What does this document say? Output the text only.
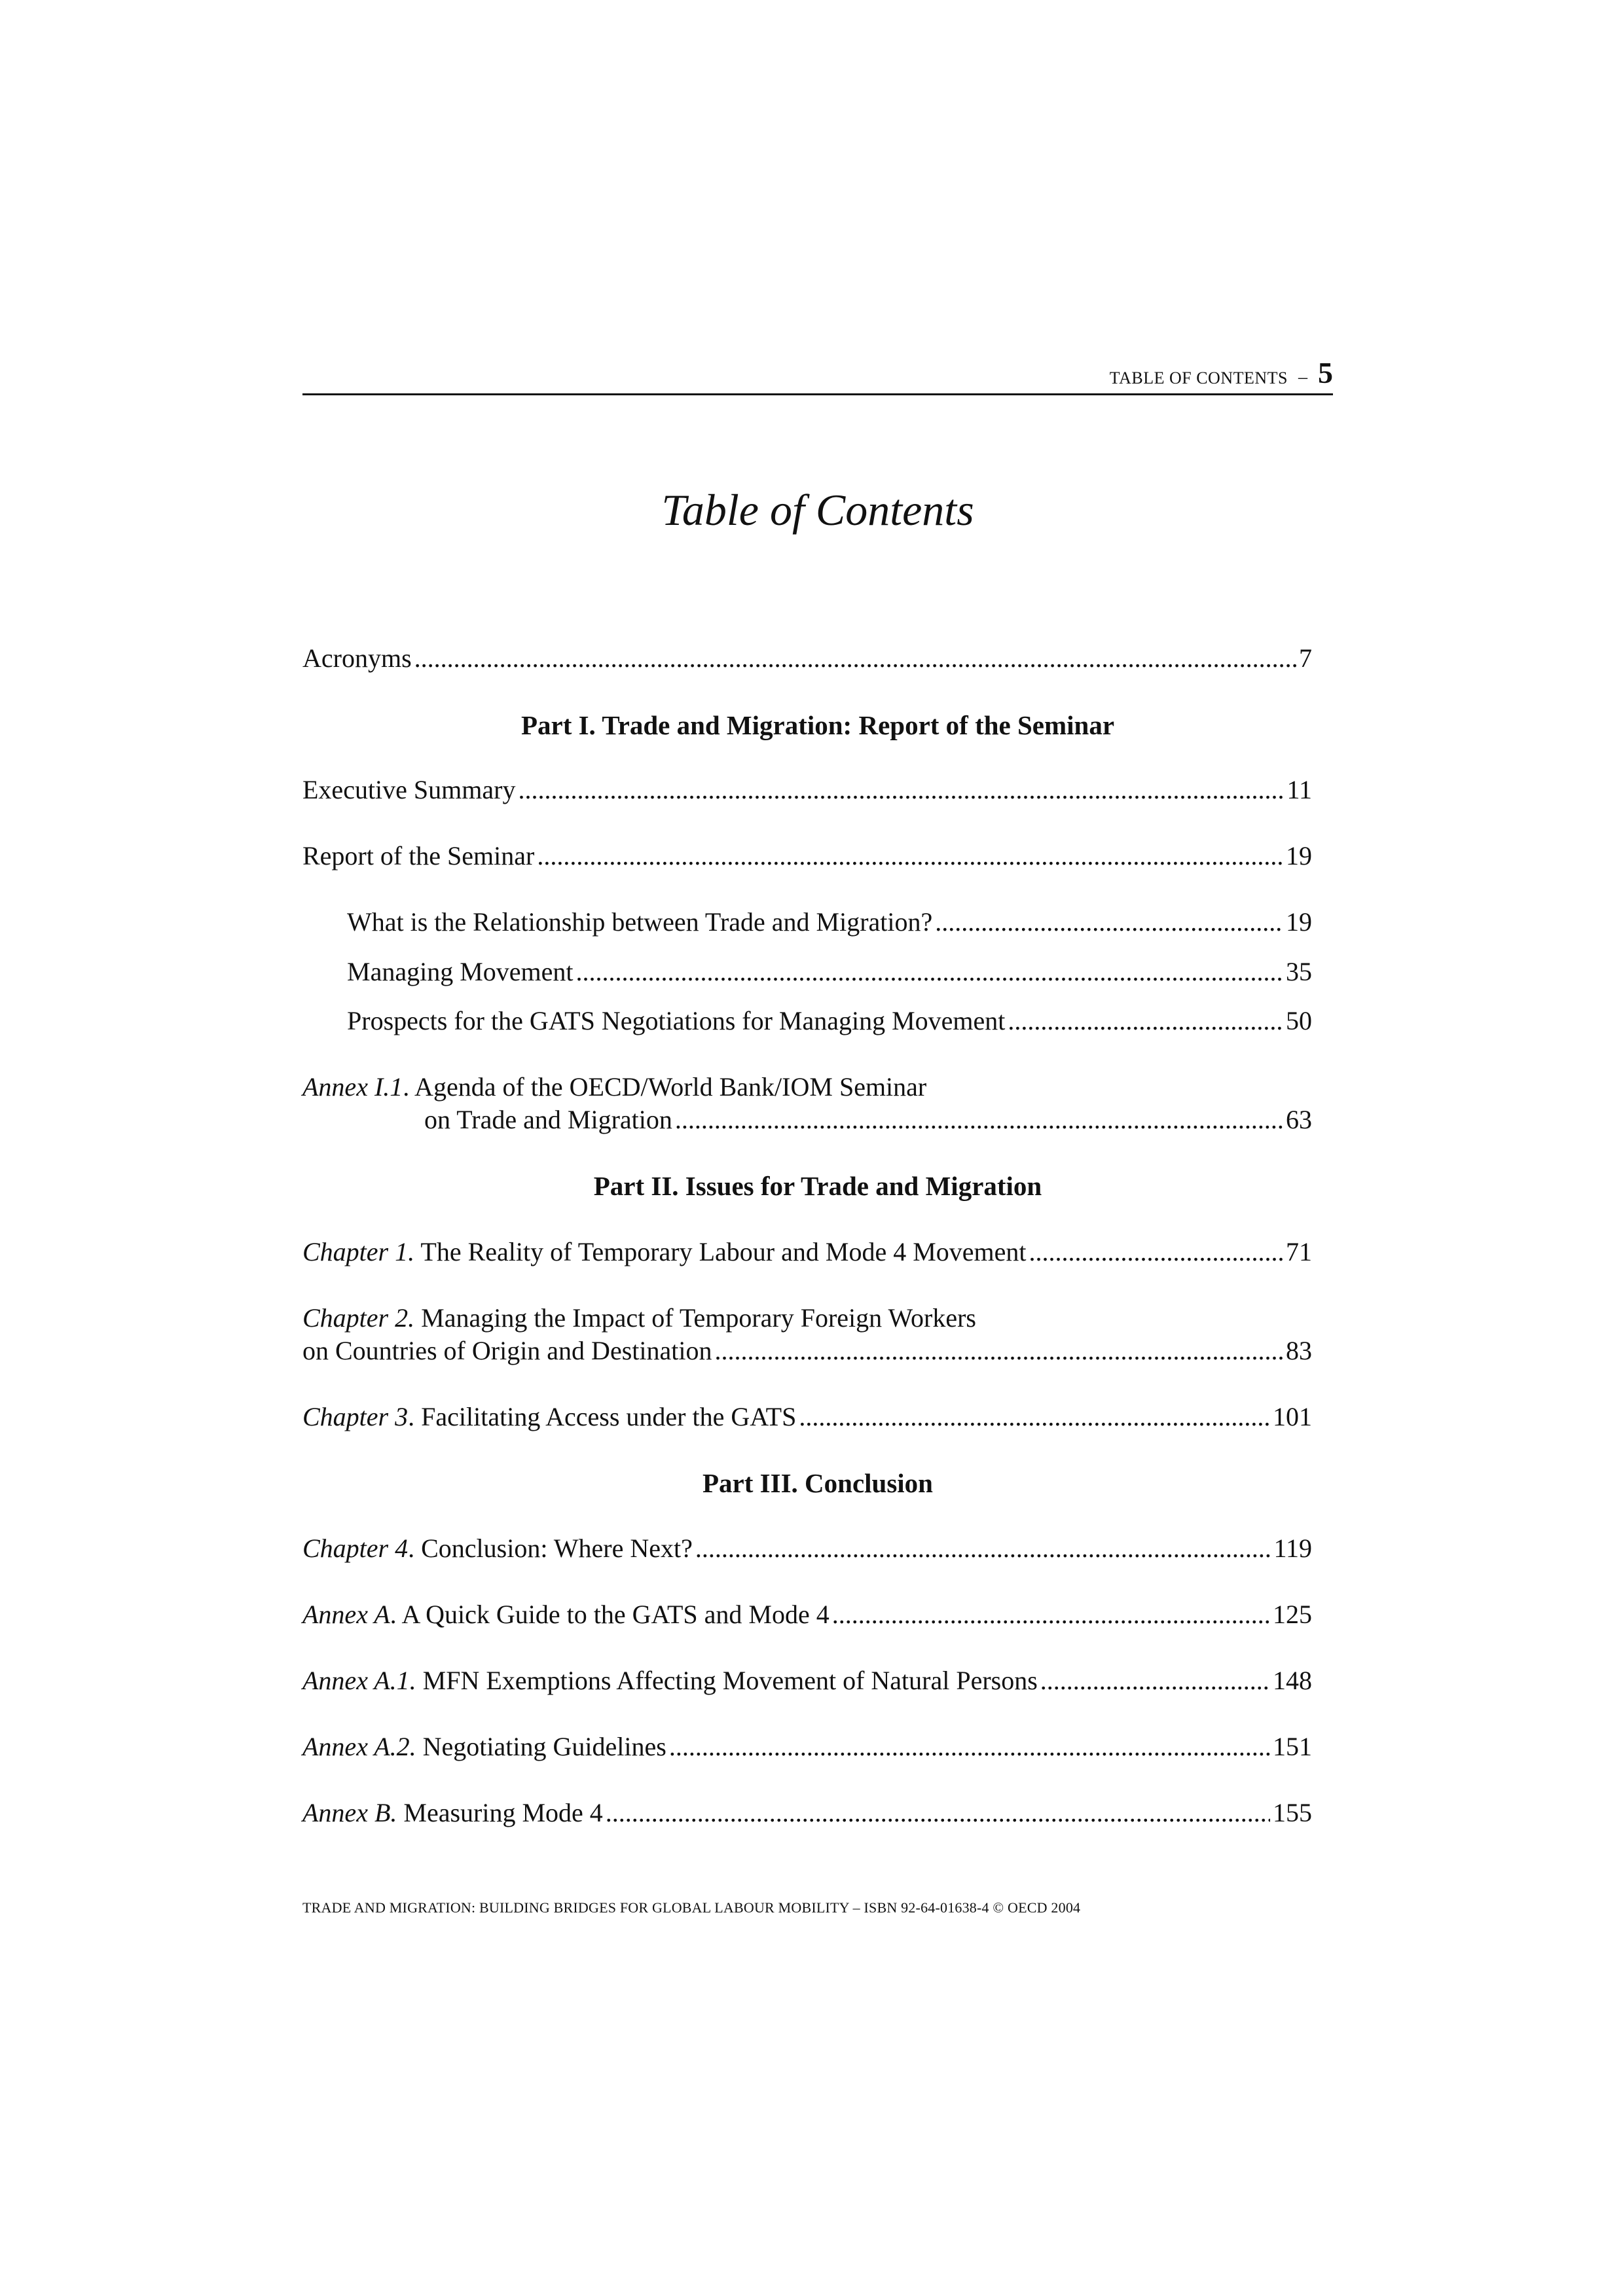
TABLE OF CONTENTS – 5
Table of Contents
Acronyms . . .	7
Part I. Trade and Migration: Report of the Seminar
Executive Summary . . .	11
Report of the Seminar . . .	19
What is the Relationship between Trade and Migration? . . .	19
Managing Movement . . .	35
Prospects for the GATS Negotiations for Managing Movement . . .	50
Annex I.1. Agenda of the OECD/World Bank/IOM Seminar
on Trade and Migration . . .	63
Part II. Issues for Trade and Migration
Chapter 1. The Reality of Temporary Labour and Mode 4 Movement . . .	71
Chapter 2. Managing the Impact of Temporary Foreign Workers
on Countries of Origin and Destination . . .	83
Chapter 3. Facilitating Access under the GATS . . .	101
Part III. Conclusion
Chapter 4. Conclusion: Where Next? . . .	119
Annex A. A Quick Guide to the GATS and Mode 4 . . .	125
Annex A.1. MFN Exemptions Affecting Movement of Natural Persons . . .	148
Annex A.2. Negotiating Guidelines . . .	151
Annex B. Measuring Mode 4 . . .	155
TRADE AND MIGRATION: BUILDING BRIDGES FOR GLOBAL LABOUR MOBILITY – ISBN 92-64-01638-4 © OECD 2004
